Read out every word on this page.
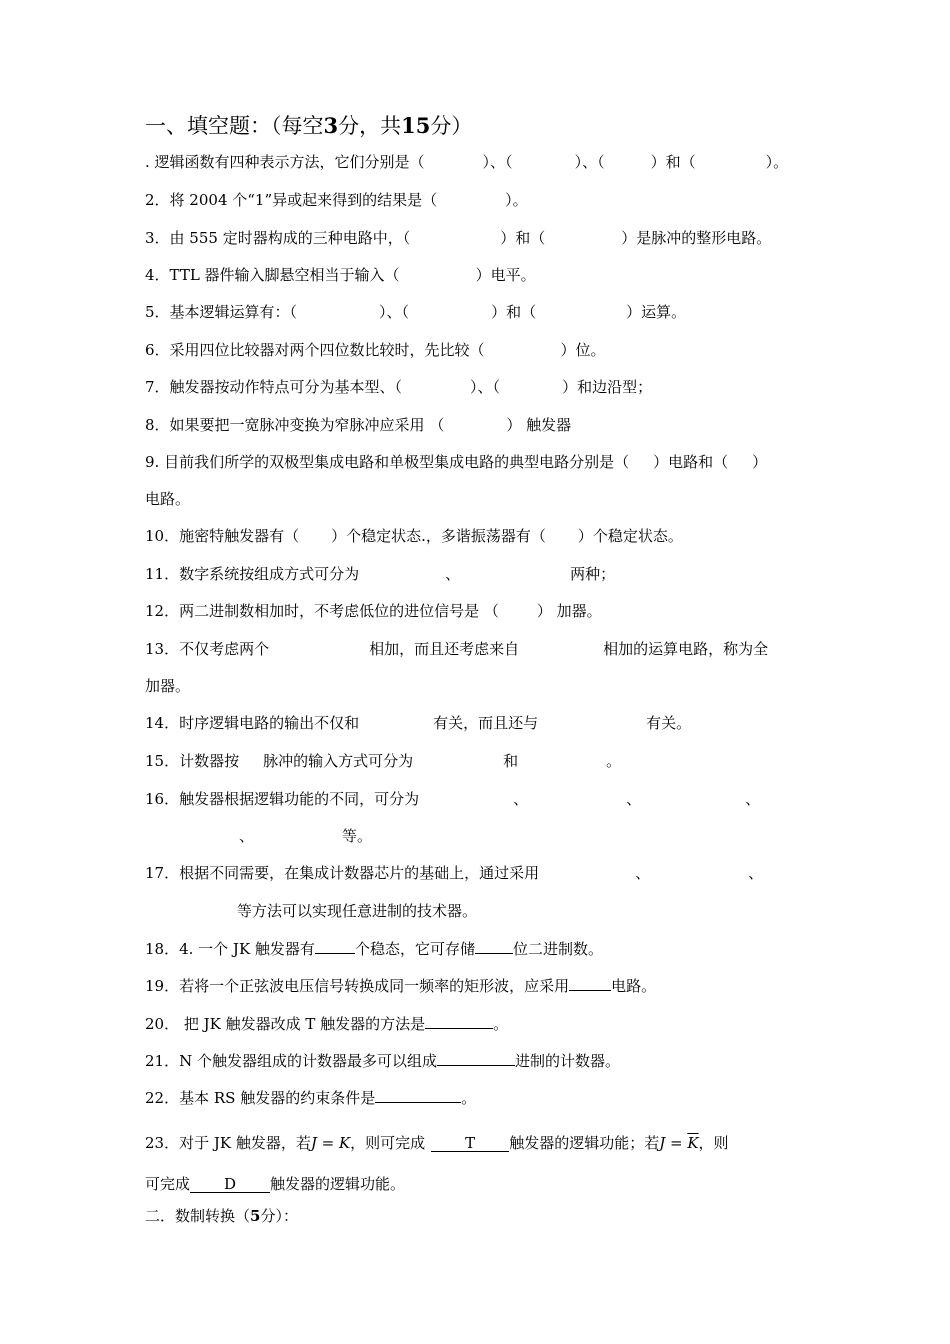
一、填空题：（每空3分，共15分）
. 逻辑函数有四种表示方法，它们分别是（	）、（	）、（	）和（	）。
2．将 2004 个“1”异或起来得到的结果是（	）。
3．由 555 定时器构成的三种电路中，（	）和（	）是脉冲的整形电路。
4．TTL 器件输入脚悬空相当于输入（	）电平。
5．基本逻辑运算有：（	）、（	）和（	）运算。
6．采用四位比较器对两个四位数比较时，先比较（	）位。
7．触发器按动作特点可分为基本型、（	）、（	）和边沿型；
8．如果要把一宽脉冲变换为窄脉冲应采用 （	） 触发器
9. 目前我们所学的双极型集成电路和单极型集成电路的典型电路分别是（ ）电路和（ ）
电路。
10．施密特触发器有（ ）个稳定状态.，多谐振荡器有（ ）个稳定状态。
11．数字系统按组成方式可分为	、	两种；
12．两二进制数相加时，不考虑低位的进位信号是 （	） 加器。
13．不仅考虑两个	相加，而且还考虑来自	相加的运算电路，称为全
加器。
14．时序逻辑电路的输出不仅和	有关，而且还与	有关。
15．计数器按 脉冲的输入方式可分为	和	。
16．触发器根据逻辑功能的不同，可分为	、	、	、
、	等。
17．根据不同需要，在集成计数器芯片的基础上，通过采用	、	、
等方法可以实现任意进制的技术器。
18．4. 一个 JK 触发器有	个稳态，它可存储	位二进制数。
19．若将一个正弦波电压信号转换成同一频率的矩形波，应采用	电路。
20． 把 JK 触发器改成 T 触发器的方法是	。
21．N 个触发器组成的计数器最多可以组成	进制的计数器。
22．基本 RS 触发器的约束条件是	。
23．对于 JK 触发器，若J = K，则可完成	T 触发器的逻辑功能；若$J = \overline{K}$，则
可完成 D 触发器的逻辑功能。
二．数制转换（5分）：
